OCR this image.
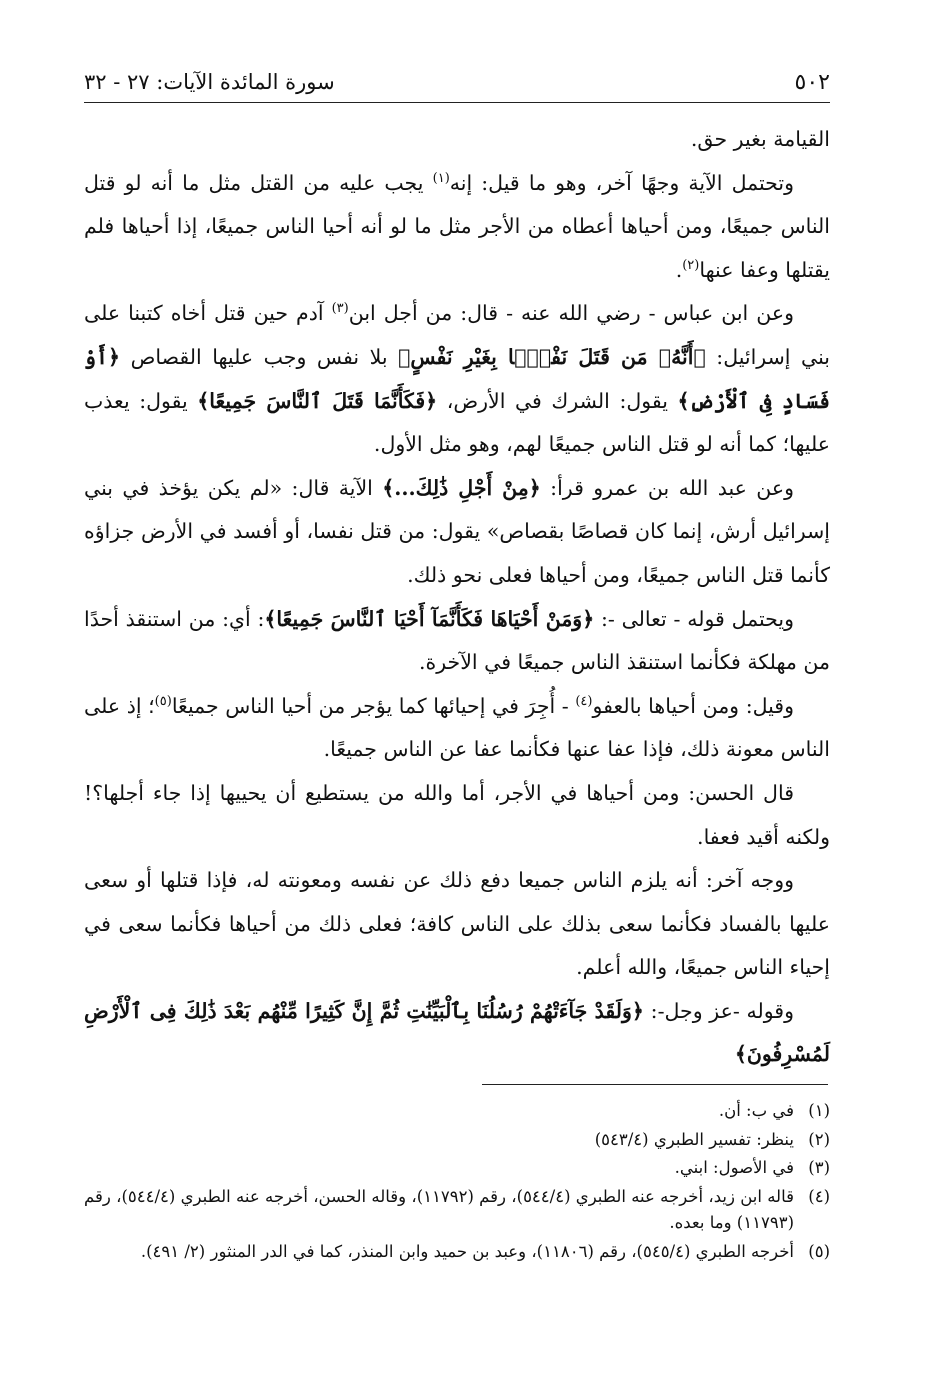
٥٠٢
سورة المائدة الآيات: ٢٧ - ٣٢

القيامة بغير حق.

وتحتمل الآية وجهًا آخر، وهو ما قيل: إنه$^{(١)}$ يجب عليه من القتل مثل ما أنه لو قتل الناس جميعًا، ومن أحياها أعطاه من الأجر مثل ما لو أنه أحيا الناس جميعًا، إذا أحياها فلم يقتلها وعفا عنها$^{(٢)}$.

وعن ابن عباس - رضي الله عنه - قال: من أجل ابن$^{(٣)}$ آدم حين قتل أخاه كتبنا على بني إسرائيل: ﴿أَنَّهُۥ مَن قَتَلَ نَفْسًۢا بِغَيْرِ نَفْسٍ﴾ بلا نفس وجب عليها القصاص ﴿أَوْ فَسَادٍ فِى ٱلْأَرْضِ﴾ يقول: الشرك في الأرض، ﴿فَكَأَنَّمَا قَتَلَ ٱلنَّاسَ جَمِيعًا﴾ يقول: يعذب عليها؛ كما أنه لو قتل الناس جميعًا لهم، وهو مثل الأول.

وعن عبد الله بن عمرو قرأ: ﴿مِنْ أَجْلِ ذَٰلِكَ...﴾ الآية قال: «لم يكن يؤخذ في بني إسرائيل أرش، إنما كان قصاصًا بقصاص» يقول: من قتل نفسا، أو أفسد في الأرض جزاؤه كأنما قتل الناس جميعًا، ومن أحياها فعلى نحو ذلك.

ويحتمل قوله - تعالى -: ﴿وَمَنْ أَحْيَاهَا فَكَأَنَّمَآ أَحْيَا ٱلنَّاسَ جَمِيعًا﴾: أي: من استنقذ أحدًا من مهلكة فكأنما استنقذ الناس جميعًا في الآخرة.

وقيل: ومن أحياها بالعفو$^{(٤)}$ - أُجِرَ في إحيائها كما يؤجر من أحيا الناس جميعًا$^{(٥)}$؛ إذ على الناس معونة ذلك، فإذا عفا عنها فكأنما عفا عن الناس جميعًا.

قال الحسن: ومن أحياها في الأجر، أما والله من يستطيع أن يحييها إذا جاء أجلها؟! ولكنه أقيد فعفا.

ووجه آخر: أنه يلزم الناس جميعا دفع ذلك عن نفسه ومعونته له، فإذا قتلها أو سعى عليها بالفساد فكأنما سعى بذلك على الناس كافة؛ فعلى ذلك من أحياها فكأنما سعى في إحياء الناس جميعًا، والله أعلم.

وقوله -عز وجل-: ﴿وَلَقَدْ جَآءَتْهُمْ رُسُلُنَا بِٱلْبَيِّنَٰتِ ثُمَّ إِنَّ كَثِيرًا مِّنْهُم بَعْدَ ذَٰلِكَ فِى ٱلْأَرْضِ لَمُسْرِفُونَ﴾

(١)
في ب: أن.
(٢)
ينظر: تفسير الطبري (٥٤٣/٤)
(٣)
في الأصول: ابني.
(٤)
قاله ابن زيد، أخرجه عنه الطبري (٥٤٤/٤)، رقم (١١٧٩٢)، وقاله الحسن، أخرجه عنه الطبري (٥٤٤/٤)، رقم (١١٧٩٣) وما بعده.
(٥)
أخرجه الطبري (٥٤٥/٤)، رقم (١١٨٠٦)، وعبد بن حميد وابن المنذر، كما في الدر المنثور (٢/ ٤٩١).
